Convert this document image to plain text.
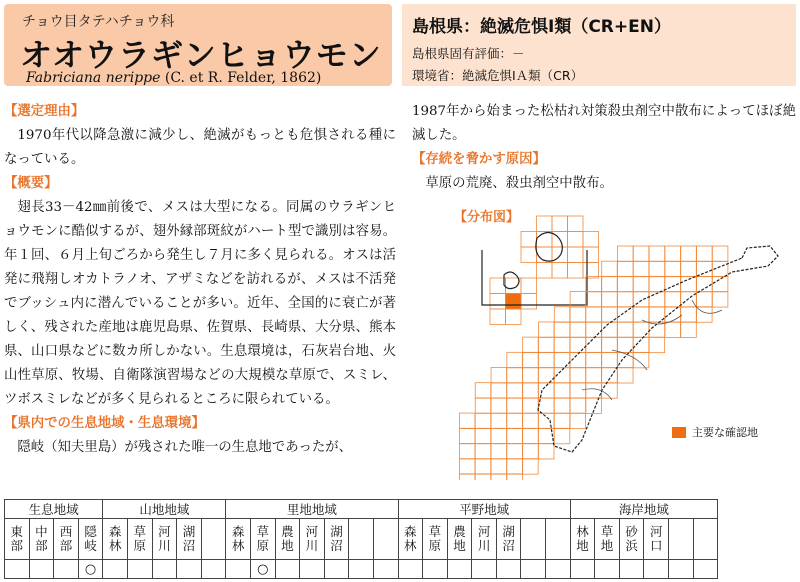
チョウ目タテハチョウ科
オオウラギンヒョウモン
Fabriciana nerippe (C. et R. Felder, 1862)
島根県：絶滅危惧Ⅰ類（CR+EN）
島根県固有評価：－
環境省：絶滅危惧ⅠＡ類（CR）
【選定理由】

1970年代以降急激に減少し、絶滅がもっとも危惧される種になっている。

【概要】

翅長33－42㎜前後で、メスは大型になる。同属のウラギンヒョウモンに酷似するが、翅外縁部斑紋がハート型で識別は容易。年１回、６月上旬ごろから発生し７月に多く見られる。オスは活発に飛翔しオカトラノオ、アザミなどを訪れるが、メスは不活発でブッシュ内に潜んでいることが多い。近年、全国的に衰亡が著しく、残された産地は鹿児島県、佐賀県、長崎県、大分県、熊本県、山口県などに数カ所しかない。生息環境は，石灰岩台地、火山性草原、牧場、自衛隊演習場などの大規模な草原で、スミレ、ツボスミレなどが多く見られるところに限られている。

【県内での生息地域・生息環境】

隠岐（知夫里島）が残された唯一の生息地であったが、

1987年から始まった松枯れ対策殺虫剤空中散布によってほぼ絶滅した。

【存続を脅かす原因】

草原の荒廃、殺虫剤空中散布。

【分布図】
主要な確認地
生息地域				山地地域					里地地域							平野地域							海岸地域					

東部	中部	西部	隠岐	森林	草原	河川	湖沼		森林	草原	農地	河川	湖沼			森林	草原	農地	河川	湖沼			林地	草地	砂浜	河口		

			○							○																		
